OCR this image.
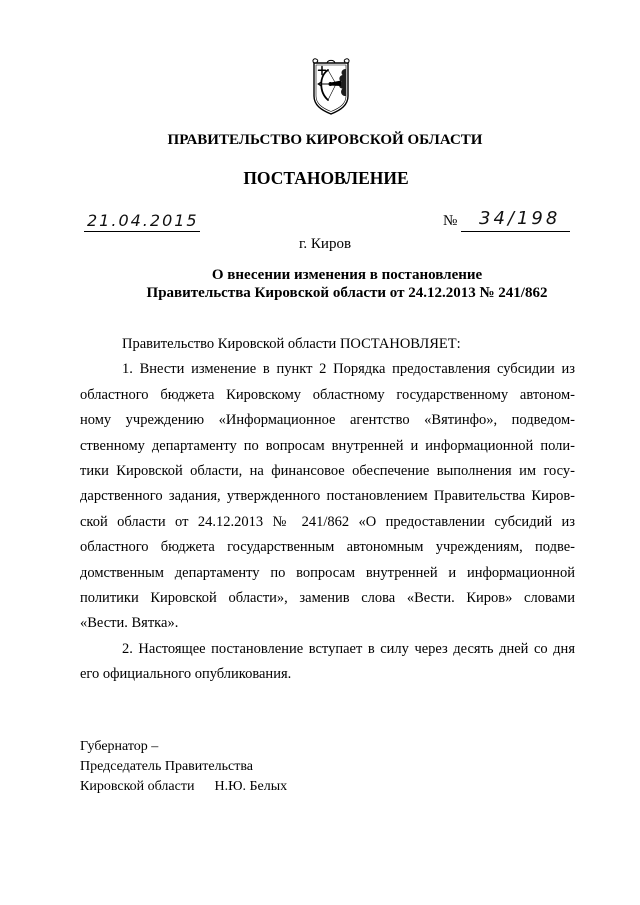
ПРАВИТЕЛЬСТВО КИРОВСКОЙ ОБЛАСТИ
ПОСТАНОВЛЕНИЕ
21.04.2015	№	34/198
г. Киров
О внесении изменения в постановление
Правительства Кировской области от 24.12.2013 № 241/862
Правительство Кировской области ПОСТАНОВЛЯЕТ:
1. Внести изменение в пункт 2 Порядка предоставления субсидии из
областного бюджета Кировскому областному государственному автоном-
ному учреждению «Информационное агентство «Вятинфо», подведом-
ственному департаменту по вопросам внутренней и информационной поли-
тики Кировской области, на финансовое обеспечение выполнения им госу-
дарственного задания, утвержденного постановлением Правительства Киров-
ской области от 24.12.2013 № 241/862 «О предоставлении субсидий из
областного бюджета государственным автономным учреждениям, подве-
домственным департаменту по вопросам внутренней и информационной
политики Кировской области», заменив слова «Вести. Киров» словами
«Вести. Вятка».
2. Настоящее постановление вступает в силу через десять дней со дня
его официального опубликования.
Губернатор –
Председатель Правительства
Кировской области Н.Ю. Белых
